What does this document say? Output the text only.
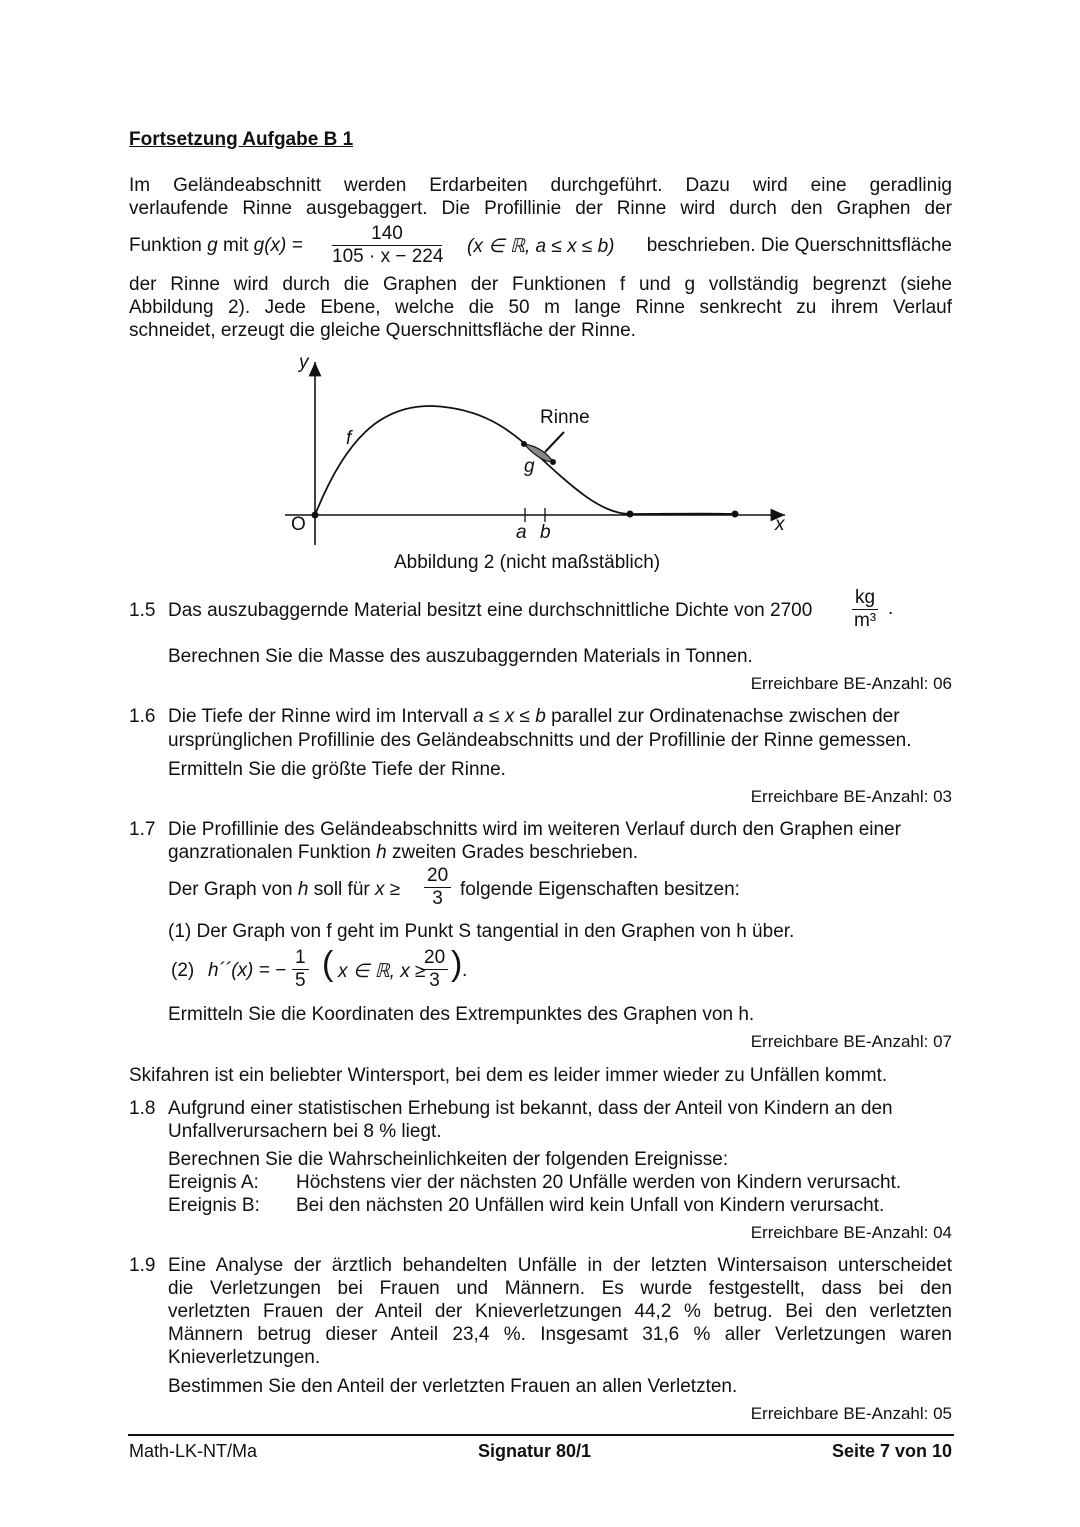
Fortsetzung Aufgabe B 1
Im Geländeabschnitt werden Erdarbeiten durchgeführt. Dazu wird eine geradlinig
verlaufende Rinne ausgebaggert. Die Profillinie der Rinne wird durch den Graphen der
Funktion g mit $g(x) = \frac{140}{105 \cdot x - 224} (x$ ∈ ℝ, a ≤ x ≤ b) beschrieben. Die Querschnittsfläche
der Rinne wird durch die Graphen der Funktionen f und g vollständig begrenzt (siehe
Abbildung 2). Jede Ebene, welche die 50 m lange Rinne senkrecht zu ihrem Verlauf
schneidet, erzeugt die gleiche Querschnittsfläche der Rinne.
y
x
O
f
g
Rinne
a b
Abbildung 2 (nicht maßstäblich)
1.5 Das auszubaggernde Material besitzt eine durchschnittliche Dichte von $2700 \frac{kg}{\text{m³}}$ .
Berechnen Sie die Masse des auszubaggernden Materials in Tonnen.
Erreichbare BE-Anzahl: 06
1.6 Die Tiefe der Rinne wird im Intervall a ≤ x ≤ b parallel zur Ordinatenachse zwischen der
ursprünglichen Profillinie des Geländeabschnitts und der Profillinie der Rinne gemessen.
Ermitteln Sie die größte Tiefe der Rinne.
Erreichbare BE-Anzahl: 03
1.7 Die Profillinie des Geländeabschnitts wird im weiteren Verlauf durch den Graphen einer
ganzrationalen Funktion h zweiten Grades beschrieben.
Der Graph von h soll für $x \ge \frac{20}{3}$ folgende Eigenschaften besitzen:
(1) Der Graph von f geht im Punkt S tangential in den Graphen von h über.
(2) h´´(x) = − $\frac{1}{5}$ ( x ∈ ℝ, x ≥
$\frac{20}{3}$ ) .
Ermitteln Sie die Koordinaten des Extrempunktes des Graphen von h.
Erreichbare BE-Anzahl: 07
Skifahren ist ein beliebter Wintersport, bei dem es leider immer wieder zu Unfällen kommt.
1.8 Aufgrund einer statistischen Erhebung ist bekannt, dass der Anteil von Kindern an den
Unfallverursachern bei 8 % liegt.
Berechnen Sie die Wahrscheinlichkeiten der folgenden Ereignisse:
Ereignis A: Höchstens vier der nächsten 20 Unfälle werden von Kindern verursacht.
Ereignis B: Bei den nächsten 20 Unfällen wird kein Unfall von Kindern verursacht.
Erreichbare BE-Anzahl: 04
1.9 Eine Analyse der ärztlich behandelten Unfälle in der letzten Wintersaison unterscheidet
die Verletzungen bei Frauen und Männern. Es wurde festgestellt, dass bei den
verletzten Frauen der Anteil der Knieverletzungen 44,2 % betrug. Bei den verletzten
Männern betrug dieser Anteil 23,4 %. Insgesamt 31,6 % aller Verletzungen waren
Knieverletzungen.
Bestimmen Sie den Anteil der verletzten Frauen an allen Verletzten.
Erreichbare BE-Anzahl: 05
Math-LK-NT/Ma	Signatur 80/1	Seite 7 von 10
